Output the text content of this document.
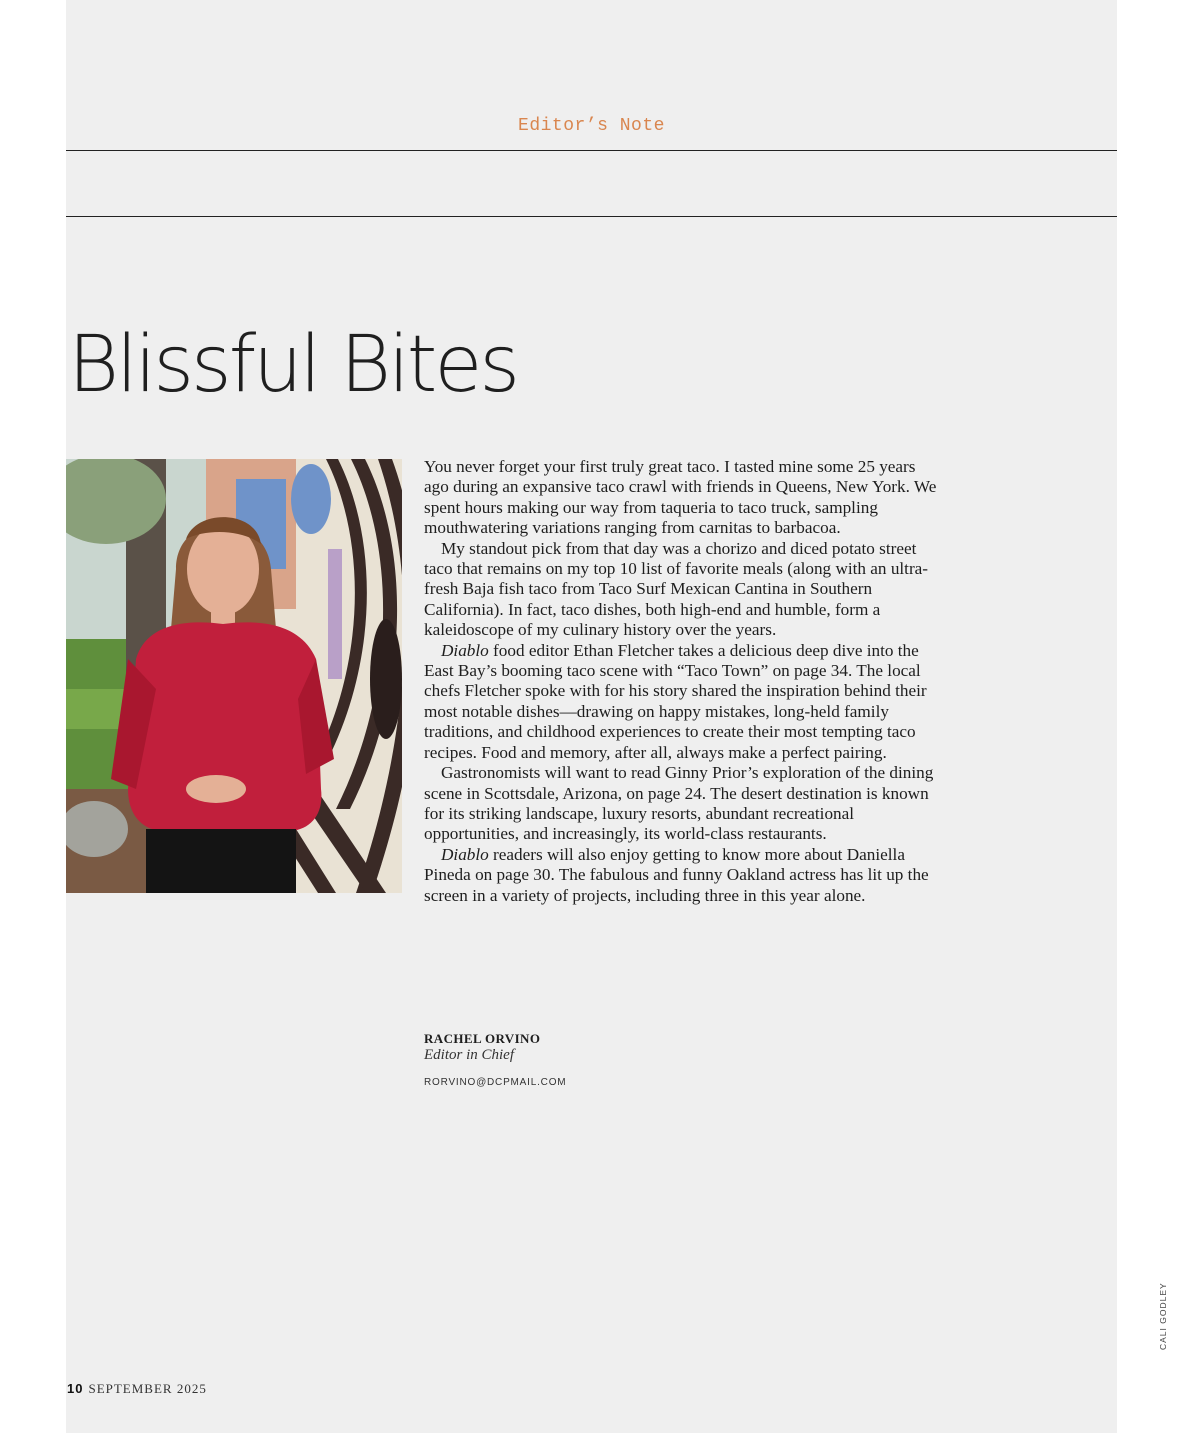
Editor’s Note
Blissful Bites

You never forget your first truly great taco. I tasted mine some 25 years ago during an expansive taco crawl with friends in Queens, New York. We spent hours making our way from taqueria to taco truck, sampling mouthwatering variations ranging from carnitas to barbacoa.

My standout pick from that day was a chorizo and diced potato street taco that remains on my top 10 list of favorite meals (along with an ultra-fresh Baja fish taco from Taco Surf Mexican Cantina in Southern California). In fact, taco dishes, both high-end and humble, form a kaleidoscope of my culinary history over the years.

Diablo food editor Ethan Fletcher takes a delicious deep dive into the East Bay’s booming taco scene with “Taco Town” on page 34. The local chefs Fletcher spoke with for his story shared the inspiration behind their most notable dishes—drawing on happy mistakes, long-held family traditions, and childhood experiences to create their most tempting taco recipes. Food and memory, after all, always make a perfect pairing.

Gastronomists will want to read Ginny Prior’s exploration of the dining scene in Scottsdale, Arizona, on page 24. The desert destination is known for its striking landscape, luxury resorts, abundant recreational opportunities, and increasingly, its world-class restaurants.

Diablo readers will also enjoy getting to know more about Daniella Pineda on page 30. The fabulous and funny Oakland actress has lit up the screen in a variety of projects, including three in this year alone.

RACHEL ORVINO
Editor in Chief
RORVINO@DCPMAIL.COM
10 SEPTEMBER 2025
CALI GODLEY
